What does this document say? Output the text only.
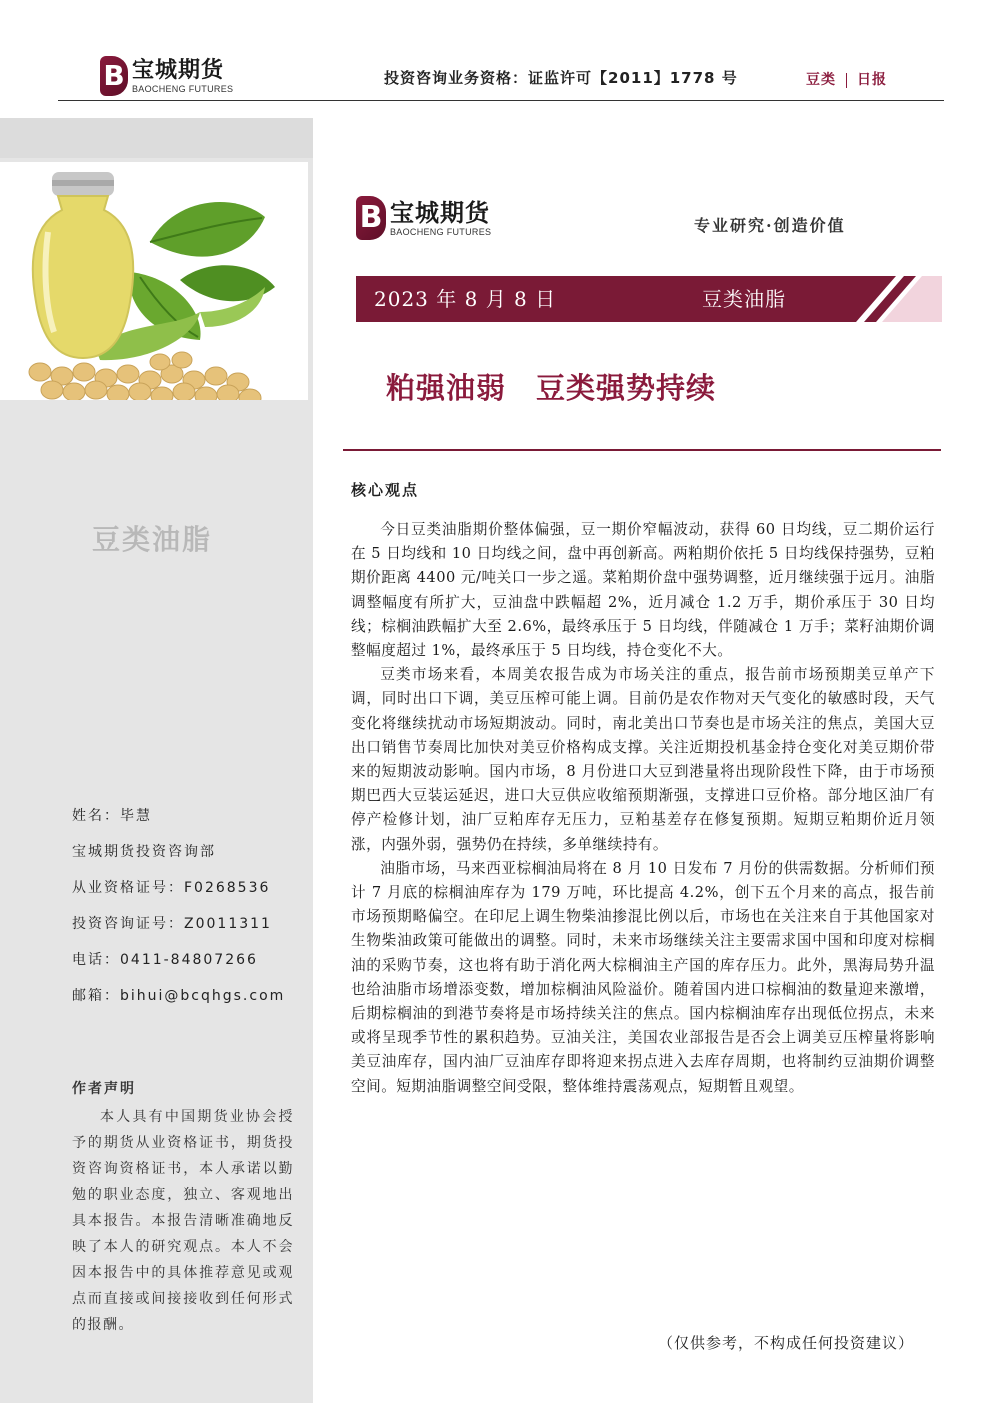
B 宝城期货
BAOCHENG FUTURES
投资咨询业务资格：证监许可【2011】1778 号	豆类 日报
豆类油脂
姓名：毕慧
宝城期货投资咨询部
从业资格证号：F0268536
投资咨询证号：Z0011311
电话：0411-84807266
邮箱：bihui@bcqhgs.com
作者声明
本人具有中国期货业协会授予的期货从业资格证书，期货投资咨询资格证书，本人承诺以勤勉的职业态度，独立、客观地出具本报告。本报告清晰准确地反映了本人的研究观点。本人不会因本报告中的具体推荐意见或观点而直接或间接接收到任何形式的报酬。
B 宝城期货
BAOCHENG FUTURES	专业研究·创造价值
2023 年 8 月 8 日	豆类油脂
粕强油弱　豆类强势持续
核心观点

今日豆类油脂期价整体偏强，豆一期价窄幅波动，获得 60 日均线，豆二期价运行在 5 日均线和 10 日均线之间，盘中再创新高。两粕期价依托 5 日均线保持强势，豆粕期价距离 4400 元/吨关口一步之遥。菜粕期价盘中强势调整，近月继续强于远月。油脂调整幅度有所扩大，豆油盘中跌幅超 2%，近月减仓 1.2 万手，期价承压于 30 日均线；棕榈油跌幅扩大至 2.6%，最终承压于 5 日均线，伴随减仓 1 万手；菜籽油期价调整幅度超过 1%，最终承压于 5 日均线，持仓变化不大。

豆类市场来看，本周美农报告成为市场关注的重点，报告前市场预期美豆单产下调，同时出口下调，美豆压榨可能上调。目前仍是农作物对天气变化的敏感时段，天气变化将继续扰动市场短期波动。同时，南北美出口节奏也是市场关注的焦点，美国大豆出口销售节奏周比加快对美豆价格构成支撑。关注近期投机基金持仓变化对美豆期价带来的短期波动影响。国内市场，8 月份进口大豆到港量将出现阶段性下降，由于市场预期巴西大豆装运延迟，进口大豆供应收缩预期渐强，支撑进口豆价格。部分地区油厂有停产检修计划，油厂豆粕库存无压力，豆粕基差存在修复预期。短期豆粕期价近月领涨，内强外弱，强势仍在持续，多单继续持有。

油脂市场，马来西亚棕榈油局将在 8 月 10 日发布 7 月份的供需数据。分析师们预计 7 月底的棕榈油库存为 179 万吨，环比提高 4.2%，创下五个月来的高点，报告前市场预期略偏空。在印尼上调生物柴油掺混比例以后，市场也在关注来自于其他国家对生物柴油政策可能做出的调整。同时，未来市场继续关注主要需求国中国和印度对棕榈油的采购节奏，这也将有助于消化两大棕榈油主产国的库存压力。此外，黑海局势升温也给油脂市场增添变数，增加棕榈油风险溢价。随着国内进口棕榈油的数量迎来激增，后期棕榈油的到港节奏将是市场持续关注的焦点。国内棕榈油库存出现低位拐点，未来或将呈现季节性的累积趋势。豆油关注，美国农业部报告是否会上调美豆压榨量将影响美豆油库存，国内油厂豆油库存即将迎来拐点进入去库存周期，也将制约豆油期价调整空间。短期油脂调整空间受限，整体维持震荡观点，短期暂且观望。

（仅供参考，不构成任何投资建议）
